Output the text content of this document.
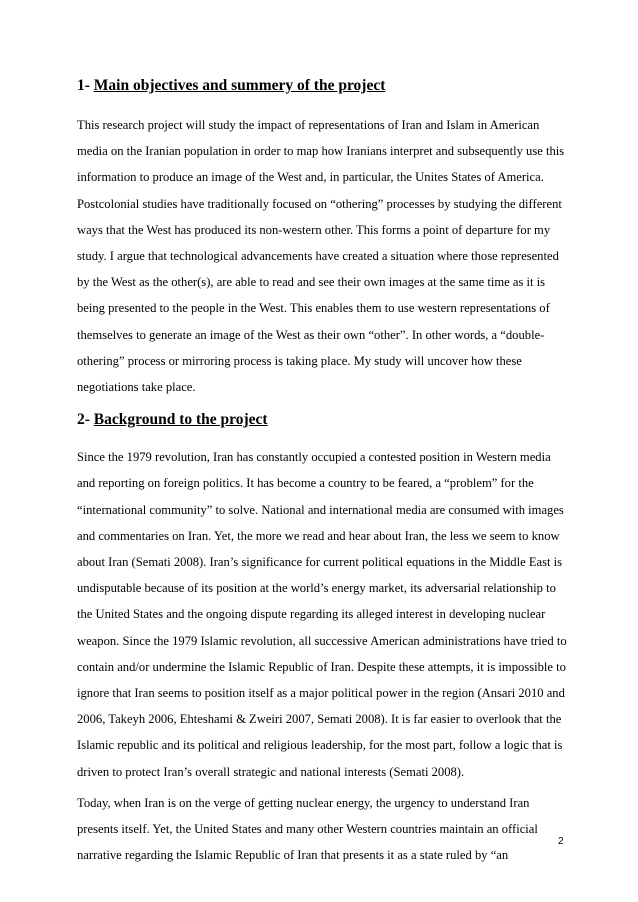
1- Main objectives and summery of the project

This research project will study the impact of representations of Iran and Islam in American media on the Iranian population in order to map how Iranians interpret and subsequently use this information to produce an image of the West and, in particular, the Unites States of America. Postcolonial studies have traditionally focused on “othering” processes by studying the different ways that the West has produced its non-western other. This forms a point of departure for my study. I argue that technological advancements have created a situation where those represented by the West as the other(s), are able to read and see their own images at the same time as it is being presented to the people in the West. This enables them to use western representations of themselves to generate an image of the West as their own “other”. In other words, a “double-othering” process or mirroring process is taking place. My study will uncover how these negotiations take place.

2- Background to the project

Since the 1979 revolution, Iran has constantly occupied a contested position in Western media and reporting on foreign politics. It has become a country to be feared, a “problem” for the “international community” to solve. National and international media are consumed with images and commentaries on Iran. Yet, the more we read and hear about Iran, the less we seem to know about Iran (Semati 2008). Iran’s significance for current political equations in the Middle East is undisputable because of its position at the world’s energy market, its adversarial relationship to the United States and the ongoing dispute regarding its alleged interest in developing nuclear weapon. Since the 1979 Islamic revolution, all successive American administrations have tried to contain and/or undermine the Islamic Republic of Iran. Despite these attempts, it is impossible to ignore that Iran seems to position itself as a major political power in the region (Ansari 2010 and 2006, Takeyh 2006, Ehteshami & Zweiri 2007, Semati 2008). It is far easier to overlook that the Islamic republic and its political and religious leadership, for the most part, follow a logic that is driven to protect Iran’s overall strategic and national interests (Semati 2008).

Today, when Iran is on the verge of getting nuclear energy, the urgency to understand Iran presents itself. Yet, the United States and many other Western countries maintain an official narrative regarding the Islamic Republic of Iran that presents it as a state ruled by “an

2
